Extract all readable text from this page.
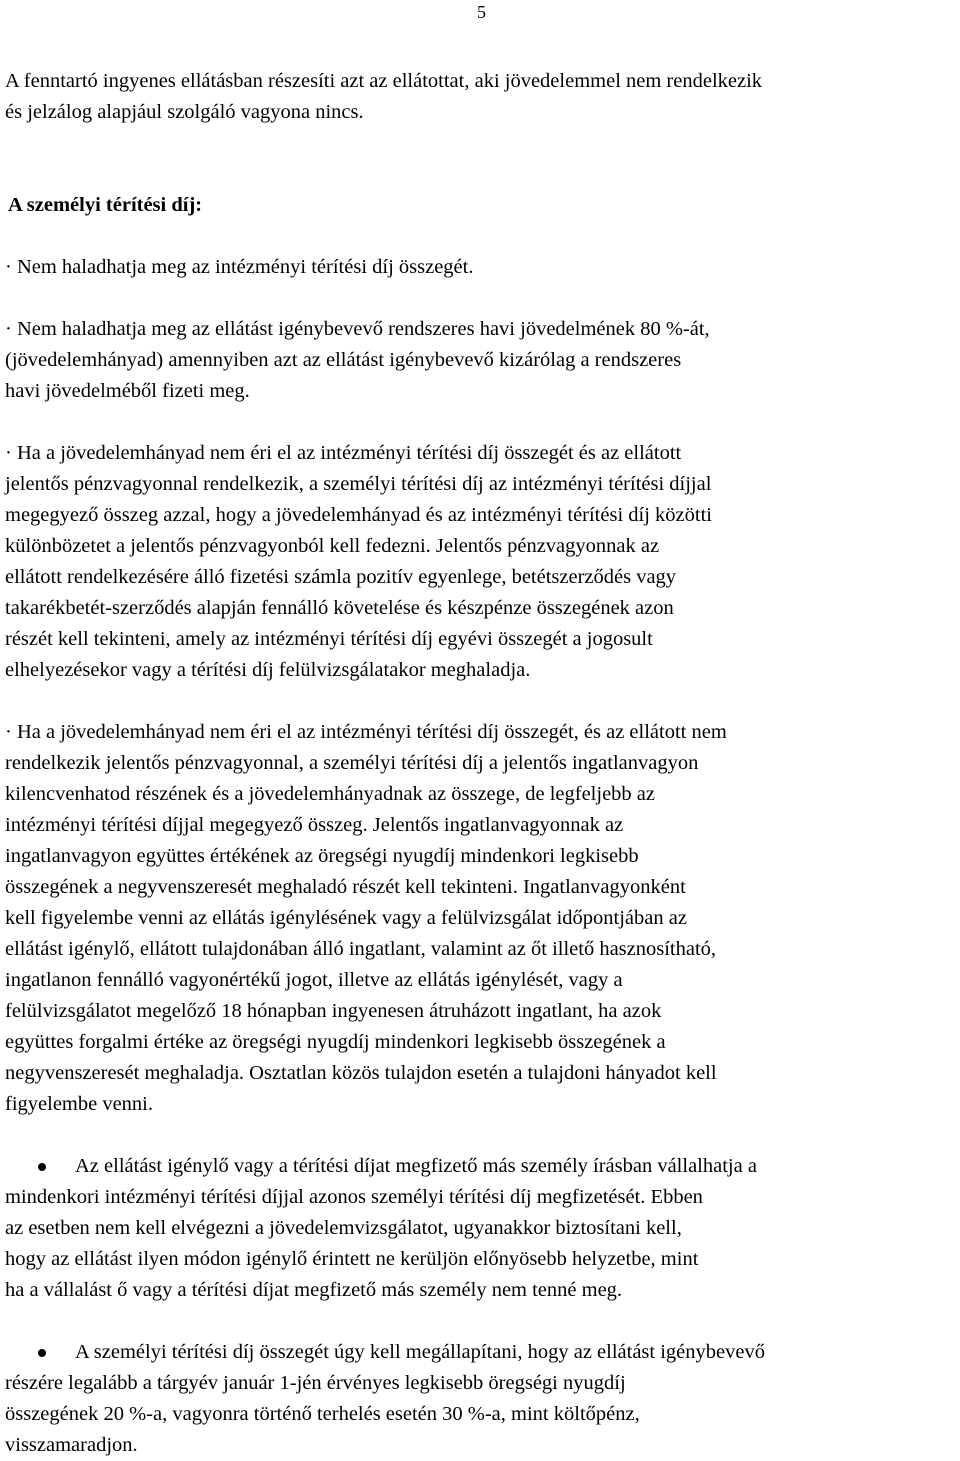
5
A fenntartó ingyenes ellátásban részesíti azt az ellátottat, aki jövedelemmel nem rendelkezik
és jelzálog alapjául szolgáló vagyona nincs.
A személyi térítési díj:
· Nem haladhatja meg az intézményi térítési díj összegét.
· Nem haladhatja meg az ellátást igénybevevő rendszeres havi jövedelmének 80 %-át,
(jövedelemhányad) amennyiben azt az ellátást igénybevevő kizárólag a rendszeres
havi jövedelméből fizeti meg.
· Ha a jövedelemhányad nem éri el az intézményi térítési díj összegét és az ellátott
jelentős pénzvagyonnal rendelkezik, a személyi térítési díj az intézményi térítési díjjal
megegyező összeg azzal, hogy a jövedelemhányad és az intézményi térítési díj közötti
különbözetet a jelentős pénzvagyonból kell fedezni. Jelentős pénzvagyonnak az
ellátott rendelkezésére álló fizetési számla pozitív egyenlege, betétszerződés vagy
takarékbetét-szerződés alapján fennálló követelése és készpénze összegének azon
részét kell tekinteni, amely az intézményi térítési díj egyévi összegét a jogosult
elhelyezésekor vagy a térítési díj felülvizsgálatakor meghaladja.
· Ha a jövedelemhányad nem éri el az intézményi térítési díj összegét, és az ellátott nem
rendelkezik jelentős pénzvagyonnal, a személyi térítési díj a jelentős ingatlanvagyon
kilencvenhatod részének és a jövedelemhányadnak az összege, de legfeljebb az
intézményi térítési díjjal megegyező összeg. Jelentős ingatlanvagyonnak az
ingatlanvagyon együttes értékének az öregségi nyugdíj mindenkori legkisebb
összegének a negyvenszeresét meghaladó részét kell tekinteni. Ingatlanvagyonként
kell figyelembe venni az ellátás igénylésének vagy a felülvizsgálat időpontjában az
ellátást igénylő, ellátott tulajdonában álló ingatlant, valamint az őt illető hasznosítható,
ingatlanon fennálló vagyonértékű jogot, illetve az ellátás igénylését, vagy a
felülvizsgálatot megelőző 18 hónapban ingyenesen átruházott ingatlant, ha azok
együttes forgalmi értéke az öregségi nyugdíj mindenkori legkisebb összegének a
negyvenszeresét meghaladja. Osztatlan közös tulajdon esetén a tulajdoni hányadot kell
figyelembe venni.
Az ellátást igénylő vagy a térítési díjat megfizető más személy írásban vállalhatja a
mindenkori intézményi térítési díjjal azonos személyi térítési díj megfizetését. Ebben
az esetben nem kell elvégezni a jövedelemvizsgálatot, ugyanakkor biztosítani kell,
hogy az ellátást ilyen módon igénylő érintett ne kerüljön előnyösebb helyzetbe, mint
ha a vállalást ő vagy a térítési díjat megfizető más személy nem tenné meg.
A személyi térítési díj összegét úgy kell megállapítani, hogy az ellátást igénybevevő
részére legalább a tárgyév január 1-jén érvényes legkisebb öregségi nyugdíj
összegének 20 %-a, vagyonra történő terhelés esetén 30 %-a, mint költőpénz,
visszamaradjon.
